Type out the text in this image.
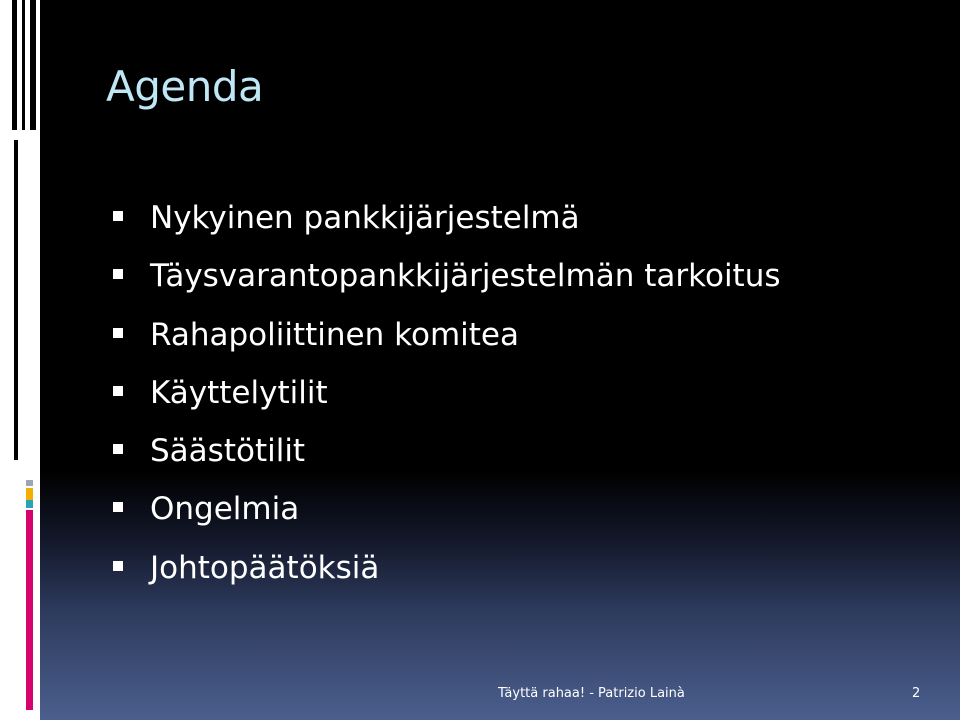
Agenda
Nykyinen pankkijärjestelmä
Täysvarantopankkijärjestelmän tarkoitus
Rahapoliittinen komitea
Käyttelytilit
Säästötilit
Ongelmia
Johtopäätöksiä
Täyttä rahaa! - Patrizio Lainà	2
